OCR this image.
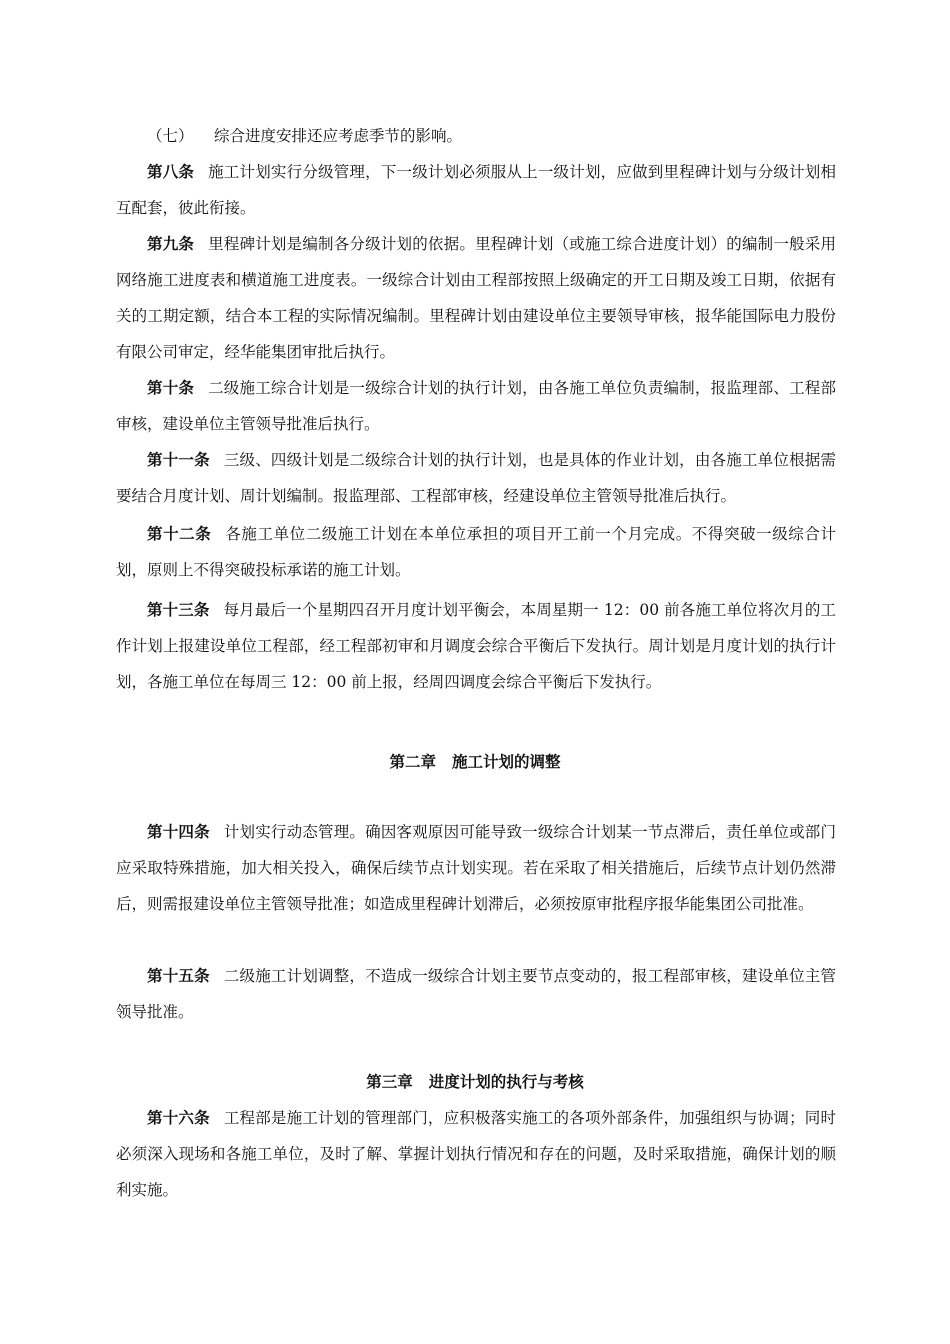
（七） 综合进度安排还应考虑季节的影响。

第八条 施工计划实行分级管理，下一级计划必须服从上一级计划，应做到里程碑计划与分级计划相互配套，彼此衔接。

第九条 里程碑计划是编制各分级计划的依据。里程碑计划（或施工综合进度计划）的编制一般采用网络施工进度表和横道施工进度表。一级综合计划由工程部按照上级确定的开工日期及竣工日期，依据有关的工期定额，结合本工程的实际情况编制。里程碑计划由建设单位主要领导审核，报华能国际电力股份有限公司审定，经华能集团审批后执行。

第十条 二级施工综合计划是一级综合计划的执行计划，由各施工单位负责编制，报监理部、工程部审核，建设单位主管领导批准后执行。

第十一条 三级、四级计划是二级综合计划的执行计划，也是具体的作业计划，由各施工单位根据需要结合月度计划、周计划编制。报监理部、工程部审核，经建设单位主管领导批准后执行。

第十二条 各施工单位二级施工计划在本单位承担的项目开工前一个月完成。不得突破一级综合计划，原则上不得突破投标承诺的施工计划。

第十三条 每月最后一个星期四召开月度计划平衡会，本周星期一 12：00 前各施工单位将次月的工作计划上报建设单位工程部，经工程部初审和月调度会综合平衡后下发执行。周计划是月度计划的执行计划，各施工单位在每周三 12：00 前上报，经周四调度会综合平衡后下发执行。

第二章 施工计划的调整

第十四条 计划实行动态管理。确因客观原因可能导致一级综合计划某一节点滞后，责任单位或部门应采取特殊措施，加大相关投入，确保后续节点计划实现。若在采取了相关措施后，后续节点计划仍然滞后，则需报建设单位主管领导批准；如造成里程碑计划滞后，必须按原审批程序报华能集团公司批准。

第十五条 二级施工计划调整，不造成一级综合计划主要节点变动的，报工程部审核，建设单位主管领导批准。

第三章 进度计划的执行与考核

第十六条 工程部是施工计划的管理部门，应积极落实施工的各项外部条件，加强组织与协调；同时必须深入现场和各施工单位，及时了解、掌握计划执行情况和存在的问题，及时采取措施，确保计划的顺利实施。
